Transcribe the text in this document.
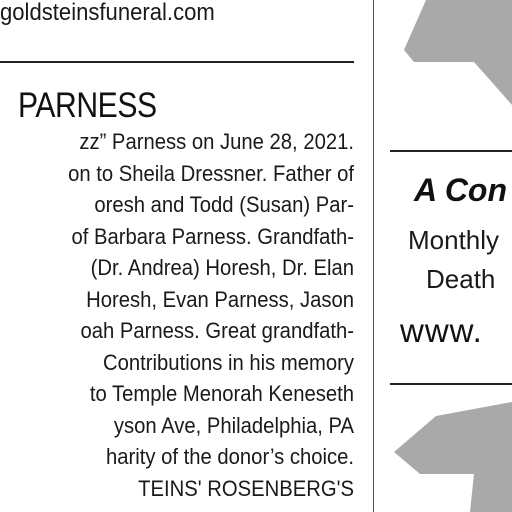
goldsteinsfuneral.com
PARNESS
zz” Parness on June 28, 2021.
on to Sheila Dressner. Father of
oresh and Todd (Susan) Par-
of Barbara Parness. Grandfath-
(Dr. Andrea) Horesh, Dr. Elan
Horesh, Evan Parness, Jason
oah Parness. Great grandfath-
Contributions in his memory
to Temple Menorah Keneseth
yson Ave, Philadelphia, PA
harity of the donor’s choice.
TEINS' ROSENBERG'S
A Con
Monthly
Death
www.
